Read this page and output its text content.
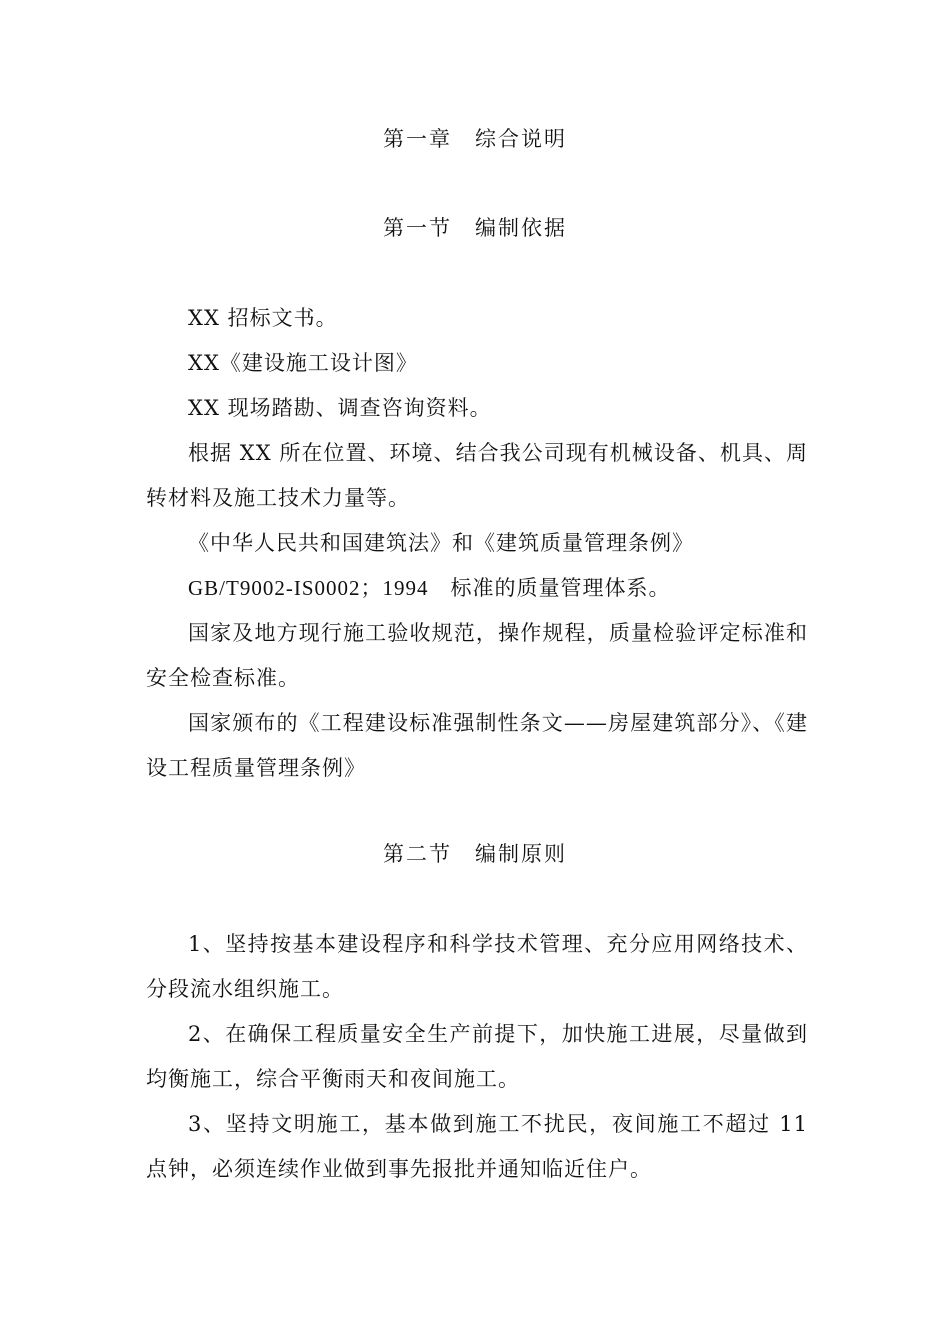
第一章　综合说明
第一节　编制依据
XX 招标文书。
XX《建设施工设计图》
XX 现场踏勘、调查咨询资料。
根据 XX 所在位置、环境、结合我公司现有机械设备、机具、周转材料及施工技术力量等。
《中华人民共和国建筑法》和《建筑质量管理条例》
GB/T9002-IS0002；1994　标准的质量管理体系。
国家及地方现行施工验收规范，操作规程，质量检验评定标准和安全检查标准。
国家颁布的《工程建设标准强制性条文——房屋建筑部分》、《建设工程质量管理条例》
第二节　编制原则
1、坚持按基本建设程序和科学技术管理、充分应用网络技术、分段流水组织施工。
2、在确保工程质量安全生产前提下，加快施工进展，尽量做到均衡施工，综合平衡雨天和夜间施工。
3、坚持文明施工，基本做到施工不扰民，夜间施工不超过 11 点钟，必须连续作业做到事先报批并通知临近住户。
